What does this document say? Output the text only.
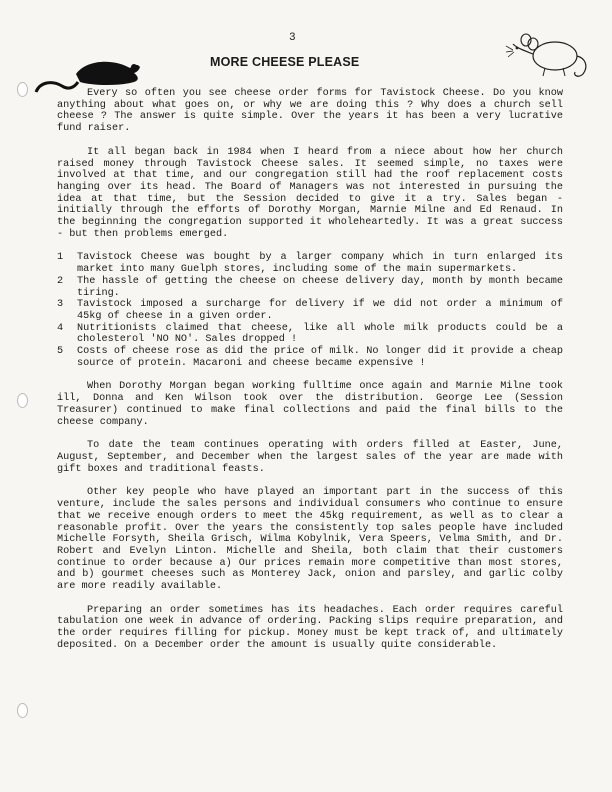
3
MORE CHEESE PLEASE

Every so often you see cheese order forms for Tavistock Cheese. Do you know anything about what goes on, or why we are doing this ? Why does a church sell cheese ? The answer is quite simple. Over the years it has been a very lucrative fund raiser.

It all began back in 1984 when I heard from a niece about how her church raised money through Tavistock Cheese sales. It seemed simple, no taxes were involved at that time, and our congregation still had the roof replacement costs hanging over its head. The Board of Managers was not interested in pursuing the idea at that time, but the Session decided to give it a try. Sales began - initially through the efforts of Dorothy Morgan, Marnie Milne and Ed Renaud. In the beginning the congregation supported it wholeheartedly. It was a great success - but then problems emerged.

1 Tavistock Cheese was bought by a larger company which in turn enlarged its market into many Guelph stores, including some of the main supermarkets.
2 The hassle of getting the cheese on cheese delivery day, month by month became tiring.
3 Tavistock imposed a surcharge for delivery if we did not order a minimum of 45kg of cheese in a given order.
4 Nutritionists claimed that cheese, like all whole milk products could be a cholesterol 'NO NO'. Sales dropped !
5 Costs of cheese rose as did the price of milk. No longer did it provide a cheap source of protein. Macaroni and cheese became expensive !

When Dorothy Morgan began working fulltime once again and Marnie Milne took ill, Donna and Ken Wilson took over the distribution. George Lee (Session Treasurer) continued to make final collections and paid the final bills to the cheese company.

To date the team continues operating with orders filled at Easter, June, August, September, and December when the largest sales of the year are made with gift boxes and traditional feasts.

Other key people who have played an important part in the success of this venture, include the sales persons and individual consumers who continue to ensure that we receive enough orders to meet the 45kg requirement, as well as to clear a reasonable profit. Over the years the consistently top sales people have included Michelle Forsyth, Sheila Grisch, Wilma Kobylnik, Vera Speers, Velma Smith, and Dr. Robert and Evelyn Linton. Michelle and Sheila, both claim that their customers continue to order because a) Our prices remain more competitive than most stores, and b) gourmet cheeses such as Monterey Jack, onion and parsley, and garlic colby are more readily available.

Preparing an order sometimes has its headaches. Each order requires careful tabulation one week in advance of ordering. Packing slips require preparation, and the order requires filling for pickup. Money must be kept track of, and ultimately deposited. On a December order the amount is usually quite considerable.
